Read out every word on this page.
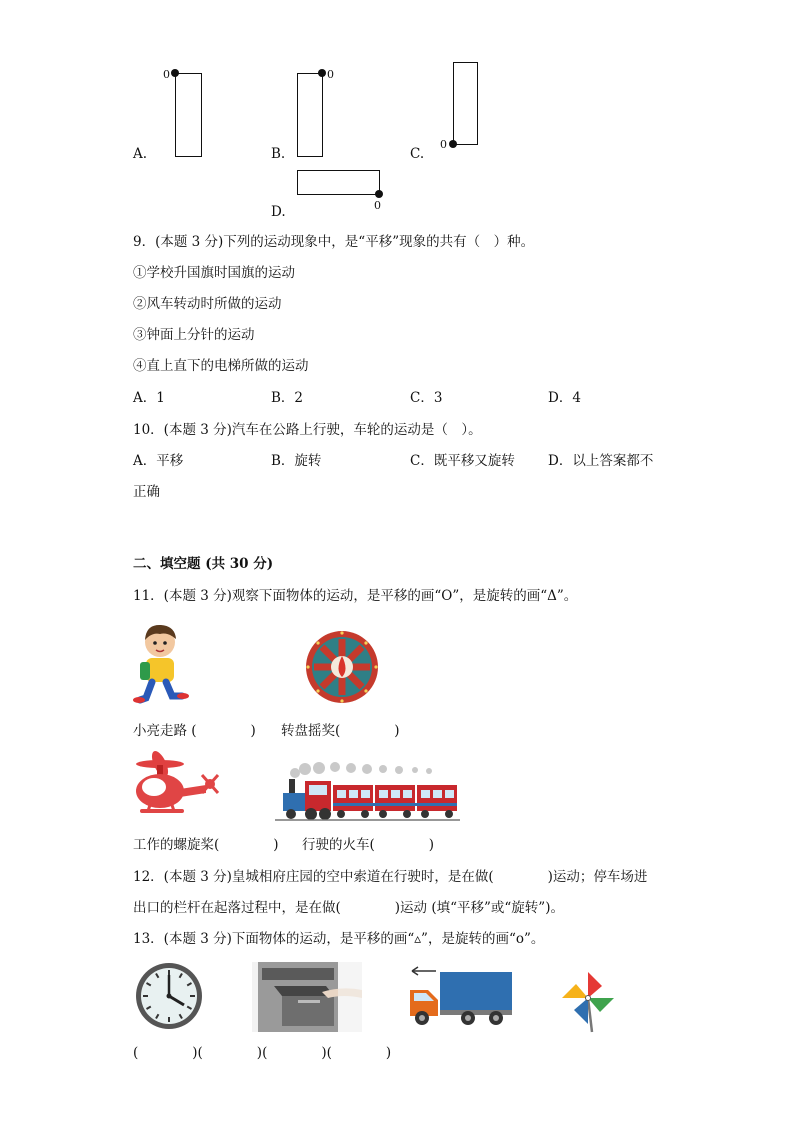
0
A.
0
B.
0
C.
0
D.
9．(本题 3 分)下列的运动现象中，是“平移”现象的共有（　）种。
①学校升国旗时国旗的运动
②风车转动时所做的运动
③钟面上分针的运动
④直上直下的电梯所做的运动
A．1	B．2	C．3	D．4
10．(本题 3 分)汽车在公路上行驶，车轮的运动是（　）。
A．平移	B．旋转	C．既平移又旋转 D．以上答案都不
正确
二、填空题 (共 30 分)
11．(本题 3 分)观察下面物体的运动，是平移的画“O”，是旋转的画“Δ”。
小亮走路 (　　　　) 转盘摇奖(　　　　)
工作的螺旋桨(　　　　) 行驶的火车(　　　　)
12．(本题 3 分)皇城相府庄园的空中索道在行驶时，是在做(　　　　)运动；停车场进
出口的栏杆在起落过程中，是在做(　　　　)运动 (填“平移”或“旋转”)。
13．(本题 3 分)下面物体的运动，是平移的画“▵”，是旋转的画“o”。
(　　　　)(　　　　)(　　　　)(　　　　)
